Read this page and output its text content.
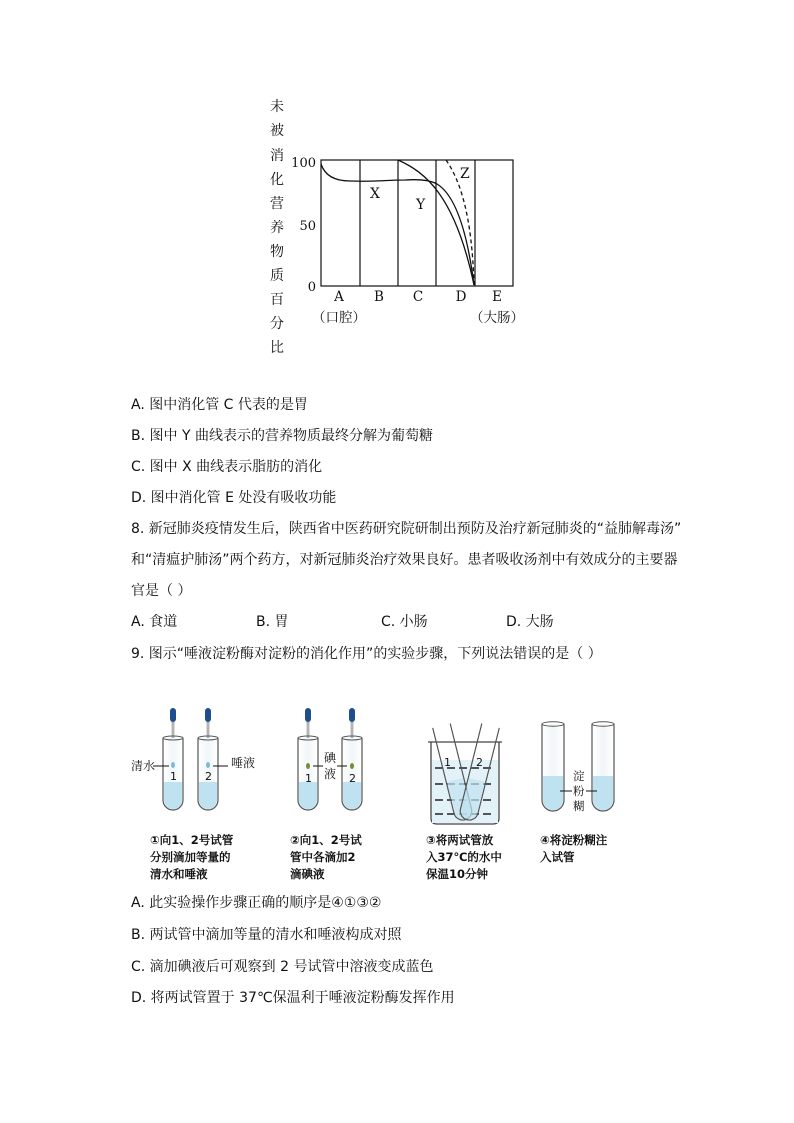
未
被
消
化
营
养
物
质
百
分
比
100
50
0
X
Y
Z
A B C D E
（口腔）	（大肠）
A. 图中消化管 C 代表的是胃
B. 图中 Y 曲线表示的营养物质最终分解为葡萄糖
C. 图中 X 曲线表示脂肪的消化
D. 图中消化管 E 处没有吸收功能
8. 新冠肺炎疫情发生后，陕西省中医药研究院研制出预防及治疗新冠肺炎的“益肺解毒汤”
和“清瘟护肺汤”两个药方，对新冠肺炎治疗效果良好。患者吸收汤剂中有效成分的主要器
官是（ ）
A. 食道	B. 胃	C. 小肠	D. 大肠
9. 图示“唾液淀粉酶对淀粉的消化作用”的实验步骤，下列说法错误的是（ ）
清水	唾液
1	2
碘
液
1	2
1 2
淀
粉
糊
①向1、2号试管
分别滴加等量的
清水和唾液
②向1、2号试
管中各滴加2
滴碘液
③将两试管放
入37℃的水中
保温10分钟
④将淀粉糊注
入试管
A. 此实验操作步骤正确的顺序是④①③②
B. 两试管中滴加等量的清水和唾液构成对照
C. 滴加碘液后可观察到 2 号试管中溶液变成蓝色
D. 将两试管置于 37℃保温利于唾液淀粉酶发挥作用
